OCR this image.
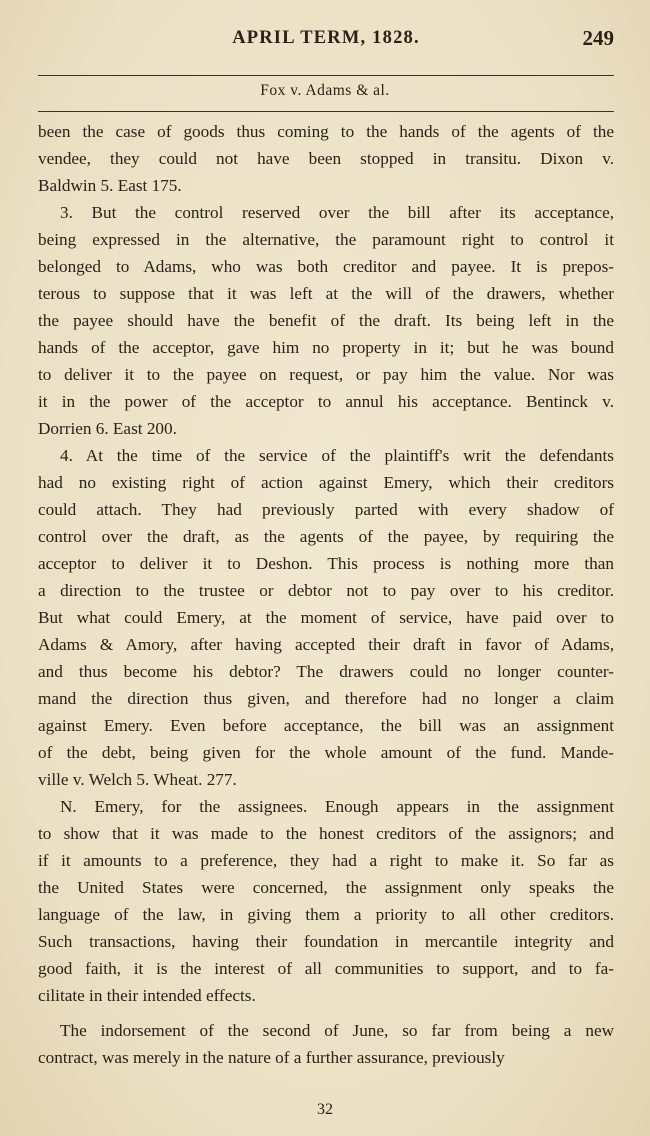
APRIL TERM, 1828.	249
Fox v. Adams & al.
been the case of goods thus coming to the hands of the agents of the
vendee, they could not have been stopped in transitu. Dixon v.
Baldwin 5. East 175.
3. But the control reserved over the bill after its acceptance,
being expressed in the alternative, the paramount right to control it
belonged to Adams, who was both creditor and payee. It is prepos-
terous to suppose that it was left at the will of the drawers, whether
the payee should have the benefit of the draft. Its being left in the
hands of the acceptor, gave him no property in it; but he was bound
to deliver it to the payee on request, or pay him the value. Nor was
it in the power of the acceptor to annul his acceptance. Bentinck v.
Dorrien 6. East 200.
4. At the time of the service of the plaintiff's writ the defendants
had no existing right of action against Emery, which their creditors
could attach. They had previously parted with every shadow of
control over the draft, as the agents of the payee, by requiring the
acceptor to deliver it to Deshon. This process is nothing more than
a direction to the trustee or debtor not to pay over to his creditor.
But what could Emery, at the moment of service, have paid over to
Adams & Amory, after having accepted their draft in favor of Adams,
and thus become his debtor? The drawers could no longer counter-
mand the direction thus given, and therefore had no longer a claim
against Emery. Even before acceptance, the bill was an assignment
of the debt, being given for the whole amount of the fund. Mande-
ville v. Welch 5. Wheat. 277.
N. Emery, for the assignees. Enough appears in the assignment
to show that it was made to the honest creditors of the assignors; and
if it amounts to a preference, they had a right to make it. So far as
the United States were concerned, the assignment only speaks the
language of the law, in giving them a priority to all other creditors.
Such transactions, having their foundation in mercantile integrity and
good faith, it is the interest of all communities to support, and to fa-
cilitate in their intended effects.
The indorsement of the second of June, so far from being a new
contract, was merely in the nature of a further assurance, previously
32
